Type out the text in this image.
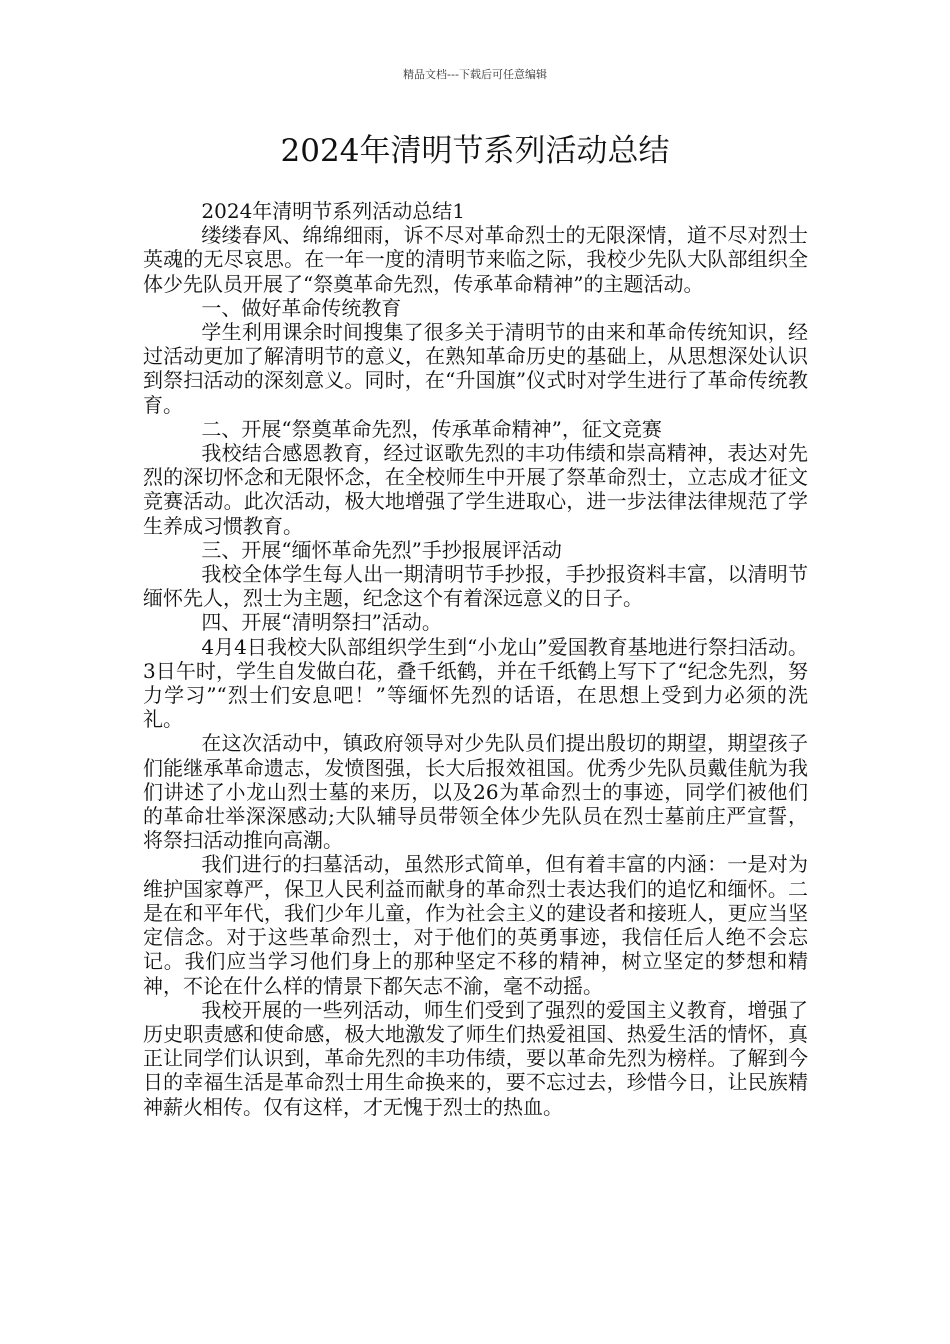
精品文档---下载后可任意编辑
2024年清明节系列活动总结

2024年清明节系列活动总结1

缕缕春风、绵绵细雨，诉不尽对革命烈士的无限深情，道不尽对烈士英魂的无尽哀思。在一年一度的清明节来临之际，我校少先队大队部组织全体少先队员开展了“祭奠革命先烈，传承革命精神”的主题活动。

一、做好革命传统教育

学生利用课余时间搜集了很多关于清明节的由来和革命传统知识，经过活动更加了解清明节的意义，在熟知革命历史的基础上，从思想深处认识到祭扫活动的深刻意义。同时，在“升国旗”仪式时对学生进行了革命传统教育。

二、开展“祭奠革命先烈，传承革命精神”，征文竞赛

我校结合感恩教育，经过讴歌先烈的丰功伟绩和崇高精神，表达对先烈的深切怀念和无限怀念，在全校师生中开展了祭革命烈士，立志成才征文竞赛活动。此次活动，极大地增强了学生进取心，进一步法律法律规范了学生养成习惯教育。

三、开展“缅怀革命先烈”手抄报展评活动

我校全体学生每人出一期清明节手抄报，手抄报资料丰富，以清明节缅怀先人，烈士为主题，纪念这个有着深远意义的日子。

四、开展“清明祭扫”活动。

4月4日我校大队部组织学生到“小龙山”爱国教育基地进行祭扫活动。3日午时，学生自发做白花，叠千纸鹤，并在千纸鹤上写下了“纪念先烈，努力学习”“烈士们安息吧！”等缅怀先烈的话语，在思想上受到力必须的洗礼。

在这次活动中，镇政府领导对少先队员们提出殷切的期望，期望孩子们能继承革命遗志，发愤图强，长大后报效祖国。优秀少先队员戴佳航为我们讲述了小龙山烈士墓的来历，以及26为革命烈士的事迹，同学们被他们的革命壮举深深感动;大队辅导员带领全体少先队员在烈士墓前庄严宣誓，将祭扫活动推向高潮。

我们进行的扫墓活动，虽然形式简单，但有着丰富的内涵：一是对为维护国家尊严，保卫人民利益而献身的革命烈士表达我们的追忆和缅怀。二是在和平年代，我们少年儿童，作为社会主义的建设者和接班人，更应当坚定信念。对于这些革命烈士，对于他们的英勇事迹，我信任后人绝不会忘记。我们应当学习他们身上的那种坚定不移的精神，树立坚定的梦想和精神，不论在什么样的情景下都矢志不渝，毫不动摇。

我校开展的一些列活动，师生们受到了强烈的爱国主义教育，增强了历史职责感和使命感，极大地激发了师生们热爱祖国、热爱生活的情怀，真正让同学们认识到，革命先烈的丰功伟绩，要以革命先烈为榜样。了解到今日的幸福生活是革命烈士用生命换来的，要不忘过去，珍惜今日，让民族精神薪火相传。仅有这样，才无愧于烈士的热血。
